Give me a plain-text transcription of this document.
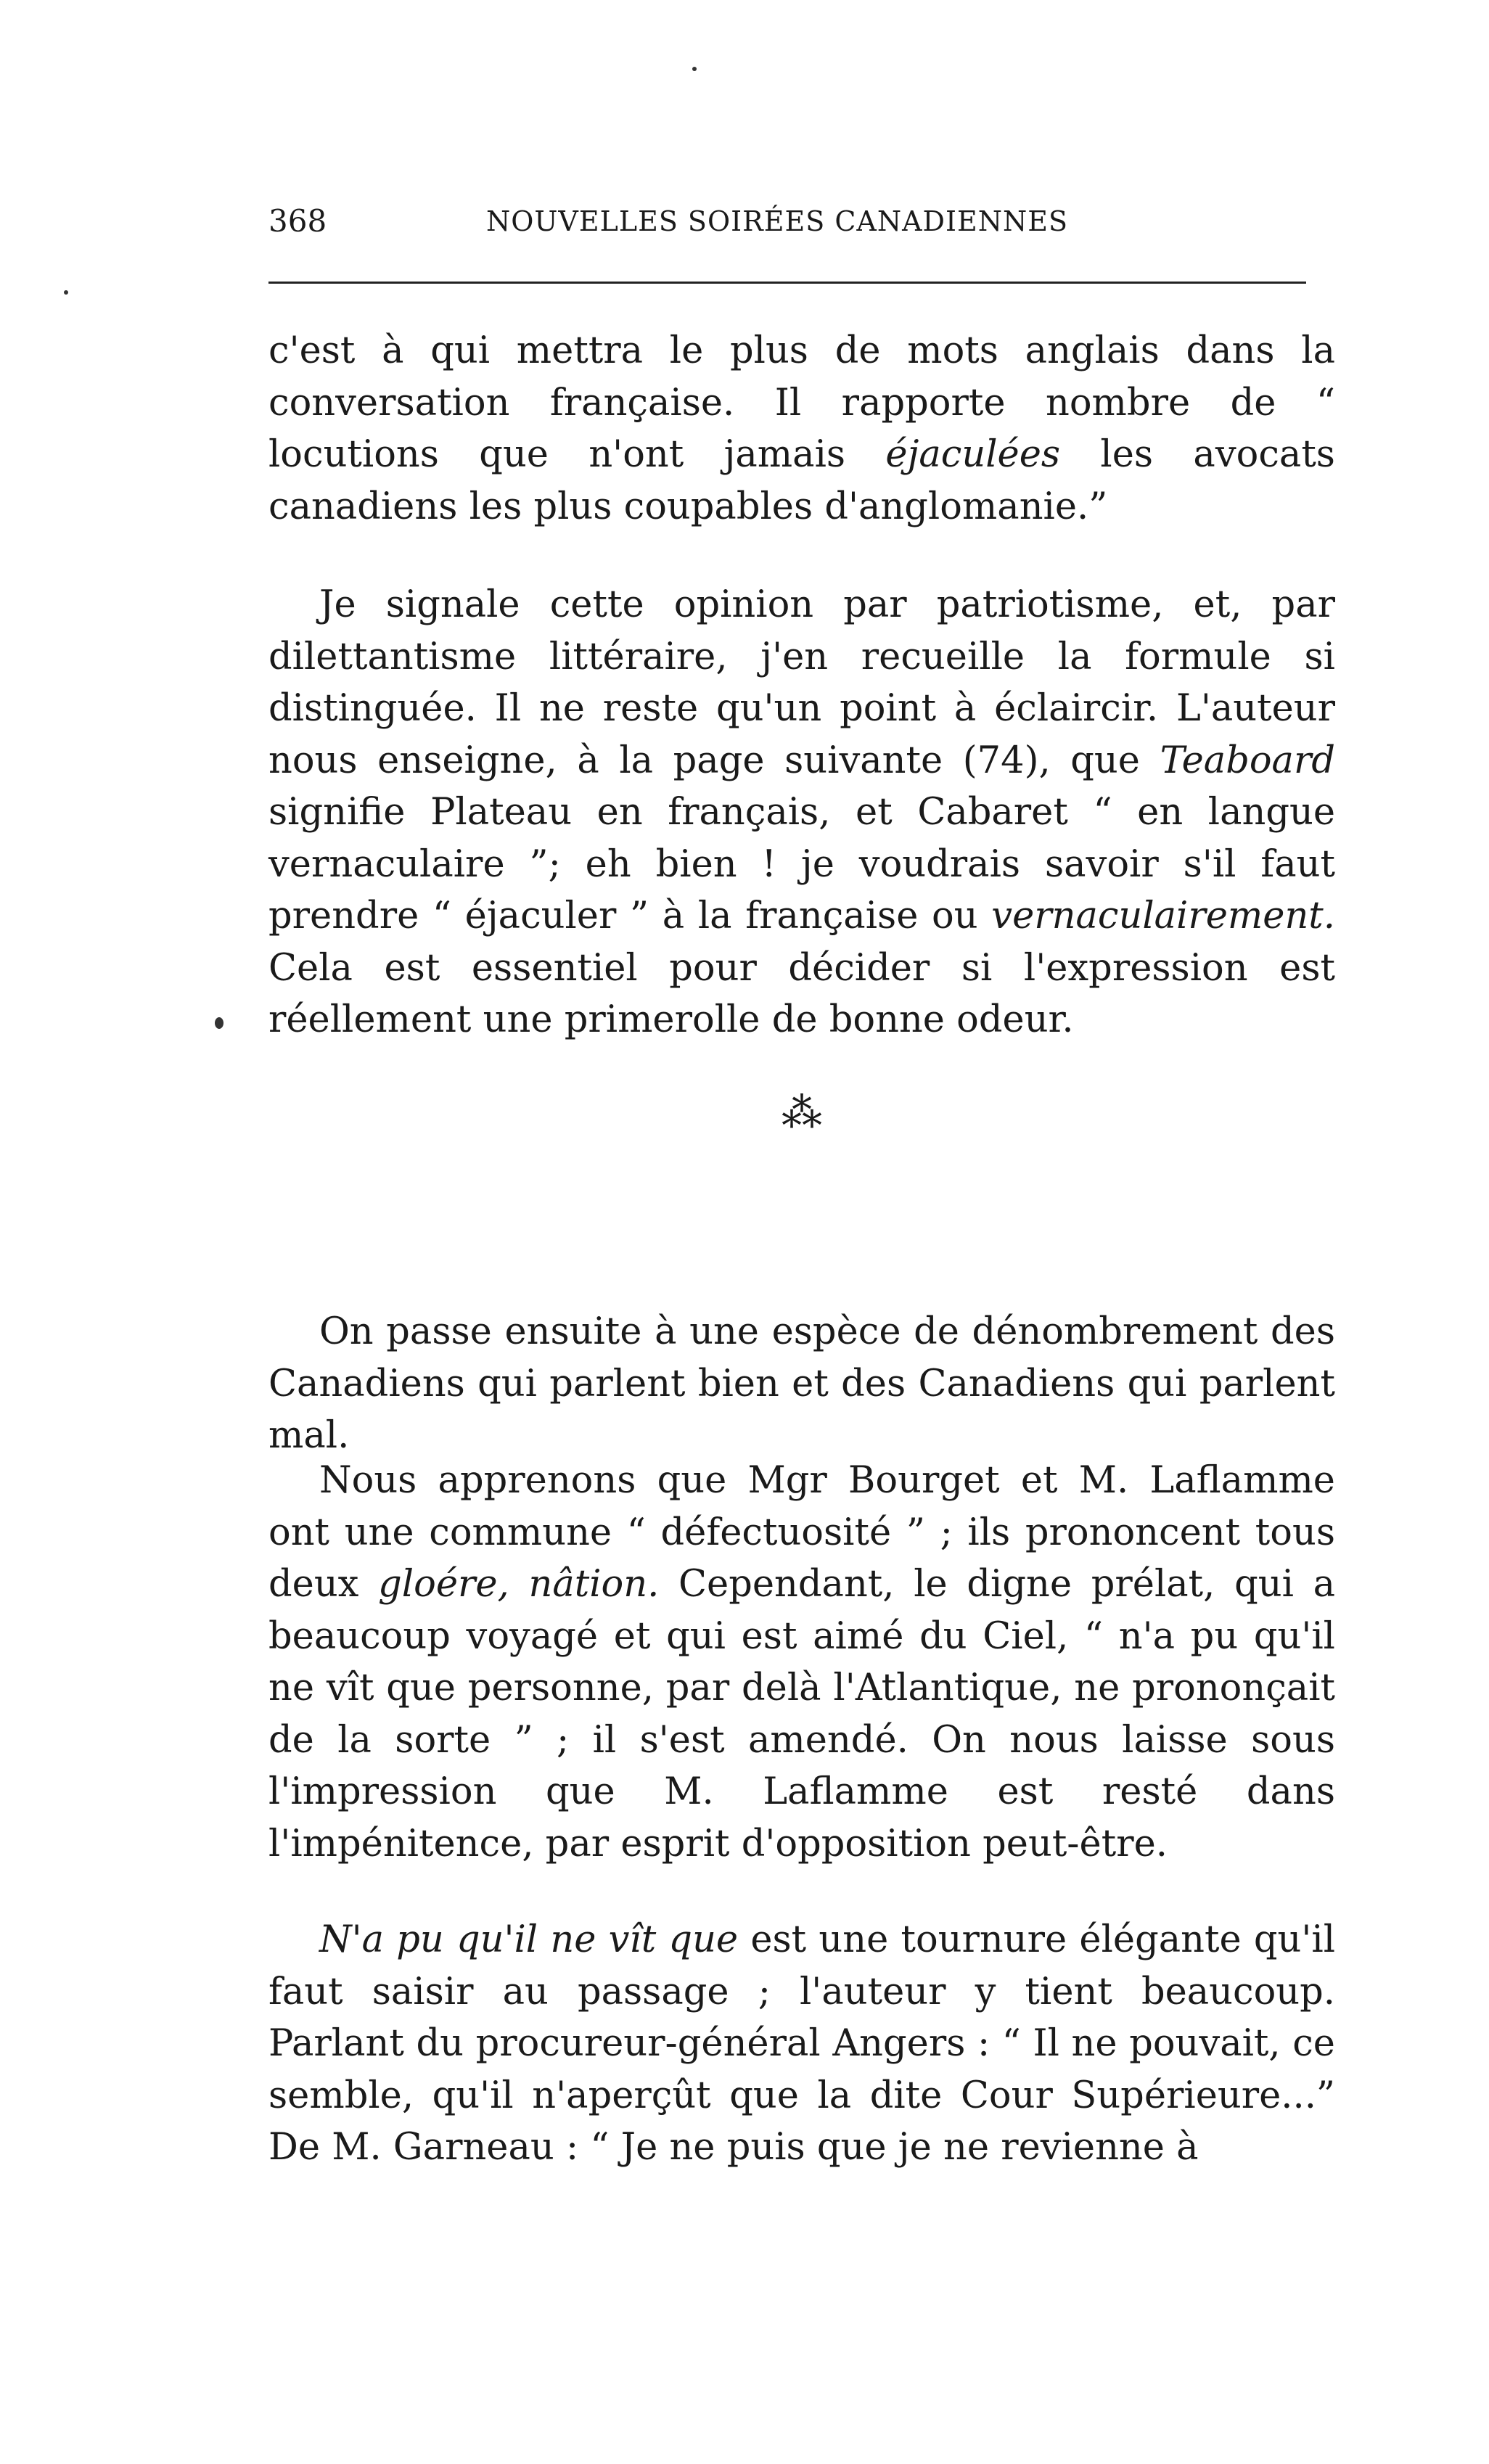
368	NOUVELLES SOIRÉES CANADIENNES

c'est à qui mettra le plus de mots anglais dans la conversation française. Il rapporte nombre de “ locutions que n'ont jamais éjaculées les avocats canadiens les plus coupables d'anglomanie.”

Je signale cette opinion par patriotisme, et, par dilettantisme littéraire, j'en recueille la formule si distinguée. Il ne reste qu'un point à éclaircir. L'auteur nous enseigne, à la page suivante (74), que Teaboard signifie Plateau en français, et Cabaret “ en langue vernaculaire ”; eh bien ! je voudrais savoir s'il faut prendre “ éjaculer ” à la française ou vernaculairement. Cela est essentiel pour décider si l'expression est réellement une primerolle de bonne odeur.

⁂

On passe ensuite à une espèce de dénombrement des Canadiens qui parlent bien et des Canadiens qui parlent mal.

Nous apprenons que Mgr Bourget et M. Laflamme ont une commune “ défectuosité ” ; ils prononcent tous deux gloére, nâtion. Cependant, le digne prélat, qui a beaucoup voyagé et qui est aimé du Ciel, “ n'a pu qu'il ne vît que personne, par delà l'Atlantique, ne prononçait de la sorte ” ; il s'est amendé. On nous laisse sous l'impression que M. Laflamme est resté dans l'impénitence, par esprit d'opposition peut-être.

N'a pu qu'il ne vît que est une tournure élégante qu'il faut saisir au passage ; l'auteur y tient beaucoup. Parlant du procureur-général Angers : “ Il ne pouvait, ce semble, qu'il n'aperçût que la dite Cour Supérieure...” De M. Garneau : “ Je ne puis que je ne revienne à
